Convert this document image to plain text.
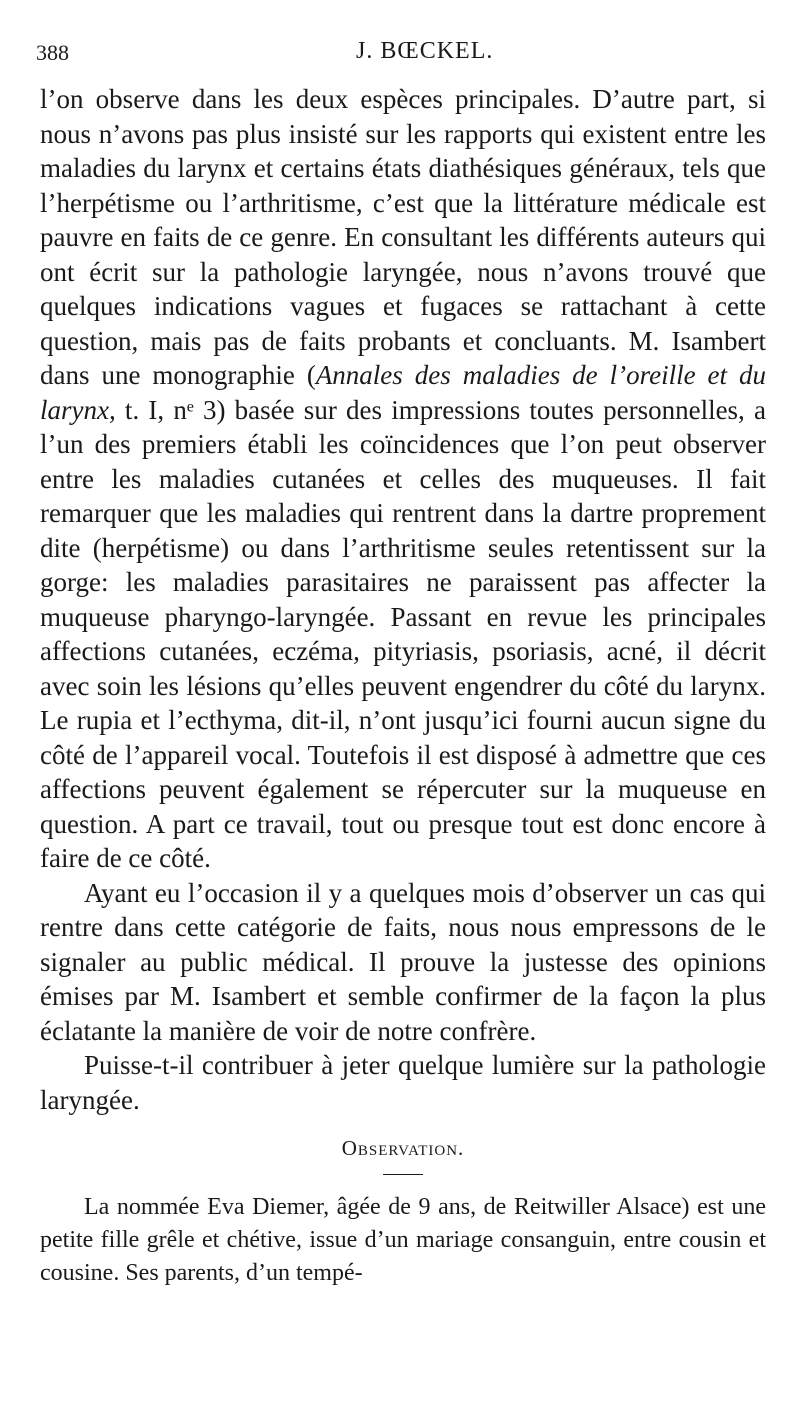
388	J. BŒCKEL.

l’on observe dans les deux espèces principales. D’autre part, si nous n’avons pas plus insisté sur les rapports qui existent entre les maladies du larynx et certains états diathésiques généraux, tels que l’herpétisme ou l’arthritisme, c’est que la littérature médicale est pauvre en faits de ce genre. En consultant les différents auteurs qui ont écrit sur la pathologie laryngée, nous n’avons trouvé que quelques indications vagues et fugaces se rattachant à cette question, mais pas de faits probants et concluants. M. Isambert dans une monographie (Annales des maladies de l’oreille et du larynx, t. I, nᵉ 3) basée sur des impressions toutes personnelles, a l’un des premiers établi les coïncidences que l’on peut observer entre les maladies cutanées et celles des muqueuses. Il fait remarquer que les maladies qui rentrent dans la dartre proprement dite (herpétisme) ou dans l’arthritisme seules retentissent sur la gorge: les maladies parasitaires ne paraissent pas affecter la muqueuse pharyngo-laryngée. Passant en revue les principales affections cutanées, eczéma, pityriasis, psoriasis, acné, il décrit avec soin les lésions qu’elles peuvent engendrer du côté du larynx. Le rupia et l’ecthyma, dit-il, n’ont jusqu’ici fourni aucun signe du côté de l’appareil vocal. Toutefois il est disposé à admettre que ces affections peuvent également se répercuter sur la muqueuse en question. A part ce travail, tout ou presque tout est donc encore à faire de ce côté.

Ayant eu l’occasion il y a quelques mois d’observer un cas qui rentre dans cette catégorie de faits, nous nous empressons de le signaler au public médical. Il prouve la justesse des opinions émises par M. Isambert et semble confirmer de la façon la plus éclatante la manière de voir de notre confrère.

Puisse-t-il contribuer à jeter quelque lumière sur la pathologie laryngée.

Observation.

La nommée Eva Diemer, âgée de 9 ans, de Reitwiller Alsace) est une petite fille grêle et chétive, issue d’un mariage consanguin, entre cousin et cousine. Ses parents, d’un tempé-
